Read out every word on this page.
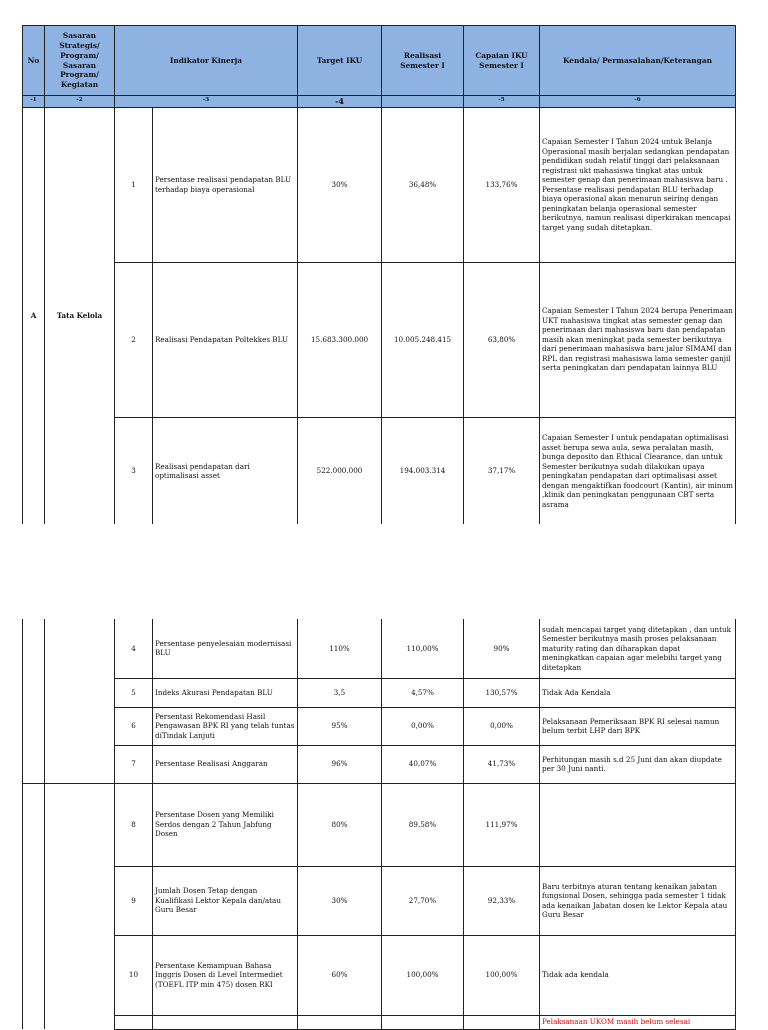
No	Sasaran Strategis/ Program/ Sasaran Program/ Kegiatan	Indikator Kinerja		Target IKU	Realisasi Semester I	Capaian IKU Semester I	Kendala/ Permasalahan/Keterangan
-1	-2	-3		-4		-5	-6
A	Tata Kelola	1	Persentase realisasi pendapatan BLU terhadap biaya operasional	30%	36,48%	133,76%	Capaian Semester I Tahun 2024 untuk Belanja Operasional masih berjalan sedangkan pendapatan pendidikan sudah relatif tinggi dari pelaksanaan registrasi ukt mahasiswa tingkat atas untuk semester genap dan penerimaan mahasiswa baru . Persentase realisasi pendapatan BLU terhadap biaya operasional akan menurun seiring dengan peningkatan belanja operasional semester berikutnya, namun realisasi diperkirakan mencapai target yang sudah ditetapkan.
		2	Realisasi Pendapatan Poltekkes BLU	15.683.300.000	10.005.248.415	63,80%	Capaian Semester I Tahun 2024 berupa Penerimaan UKT mahasiswa tingkat atas semester genap dan penerimaan dari mahasiswa baru dan pendapatan masih akan meningkat pada semester berikutnya dari penerimaan mahasiswa baru jalur SIMAMI dan RPL dan registrasi mahasiswa lama semester ganjil serta peningkatan dari pendapatan lainnya BLU
		3	Realisasi pendapatan dari optimalisasi asset	522.000.000	194.003.314	37,17%	Capaian Semester I untuk pendapatan optimalisasi asset berupa sewa aula, sewa peralatan masih, bunga deposito dan Ethical Clearance, dan untuk Semester berikutnya sudah dilakukan upaya peningkatan pendapatan dari optimalisasi asset dengan mengaktifkan foodcourt (Kantin), air minum ,klinik dan peningkatan penggunaan CBT serta asrama
		4	Persentase penyelesaian modernisasi BLU	110%	110,00%	90%	sudah mencapai target yang ditetapkan , dan untuk Semester berikutnya masih proses pelaksanaan maturity rating dan diharapkan dapat meningkatkan capaian agar melebihi target yang ditetapkan
		5	Indeks Akurasi Pendapatan BLU	3,5	4,57%	130,57%	Tidak Ada Kendala
		6	Persentasi Rekomendasi Hasil Pengawasan BPK RI yang telah tuntas diTindak Lanjuti	95%	0,00%	0,00%	Pelaksanaan Pemeriksaan BPK RI selesai namun belum terbit LHP dari BPK
		7	Persentase Realisasi Anggaran	96%	40,07%	41,73%	Perhitungan masih s.d 25 Juni dan akan diupdate per 30 Juni nanti.
		8	Persentase Dosen yang Memiliki Serdos dengan 2 Tahun Jabfung Dosen	80%	89,58%	111,97%	
		9	Jumlah Dosen Tetap dengan Kualifikasi Lektor Kepala dan/atau Guru Besar	30%	27,70%	92,33%	Baru terbitnya aturan tentang kenaikan jabatan fungsional Dosen, sehingga pada semester 1 tidak ada kenaikan Jabatan dosen ke Lektor Kepala atau Guru Besar
		10	Persentase Kemampuan Bahasa Inggris Dosen di Level Intermediet (TOEFL ITP min 475) dosen RKI	60%	100,00%	100,00%	Tidak ada kendala
							Pelaksanaan UKOM masih belum selesai
